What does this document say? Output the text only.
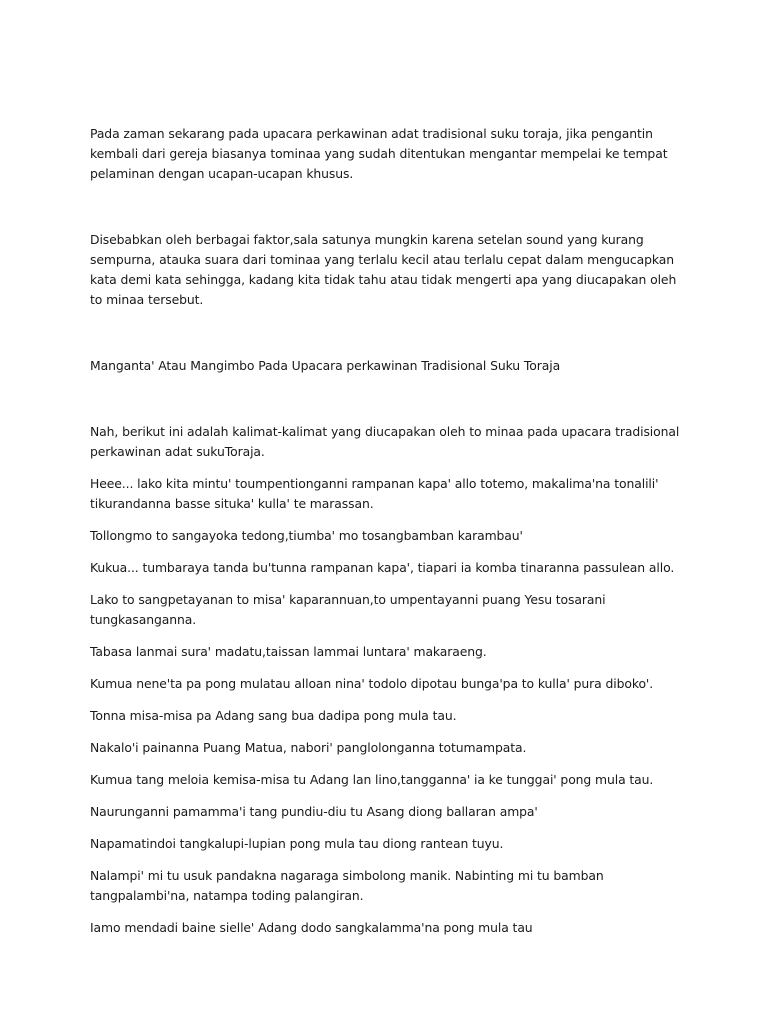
Pada zaman sekarang pada upacara perkawinan adat tradisional suku toraja, jika pengantin kembali dari gereja biasanya tominaa yang sudah ditentukan mengantar mempelai ke tempat pelaminan dengan ucapan-ucapan khusus.

Disebabkan oleh berbagai faktor,sala satunya mungkin karena setelan sound yang kurang sempurna, atauka suara dari tominaa yang terlalu kecil atau terlalu cepat dalam mengucapkan kata demi kata sehingga, kadang kita tidak tahu atau tidak mengerti apa yang diucapakan oleh to minaa tersebut.

Manganta' Atau Mangimbo Pada Upacara perkawinan Tradisional Suku Toraja

Nah, berikut ini adalah kalimat-kalimat yang diucapakan oleh to minaa pada upacara tradisional perkawinan adat sukuToraja.

Heee... lako kita mintu' toumpentionganni rampanan kapa' allo totemo, makalima'na tonalili' tikurandanna basse situka' kulla' te marassan.

Tollongmo to sangayoka tedong,tiumba' mo tosangbamban karambau'

Kukua... tumbaraya tanda bu'tunna rampanan kapa', tiapari ia komba tinaranna passulean allo.

Lako to sangpetayanan to misa' kaparannuan,to umpentayanni puang Yesu tosarani tungkasanganna.

Tabasa lanmai sura' madatu,taissan lammai luntara' makaraeng.

Kumua nene'ta pa pong mulatau alloan nina' todolo dipotau bunga'pa to kulla' pura diboko'.

Tonna misa-misa pa Adang sang bua dadipa pong mula tau.

Nakalo'i painanna Puang Matua, nabori' panglolonganna totumampata.

Kumua tang meloia kemisa-misa tu Adang lan lino,tangganna' ia ke tunggai' pong mula tau.

Naurunganni pamamma'i tang pundiu-diu tu Asang diong ballaran ampa'

Napamatindoi tangkalupi-lupian pong mula tau diong rantean tuyu.

Nalampi' mi tu usuk pandakna nagaraga simbolong manik. Nabinting mi tu bamban tangpalambi'na, natampa toding palangiran.

Iamo mendadi baine sielle' Adang dodo sangkalamma'na pong mula tau
